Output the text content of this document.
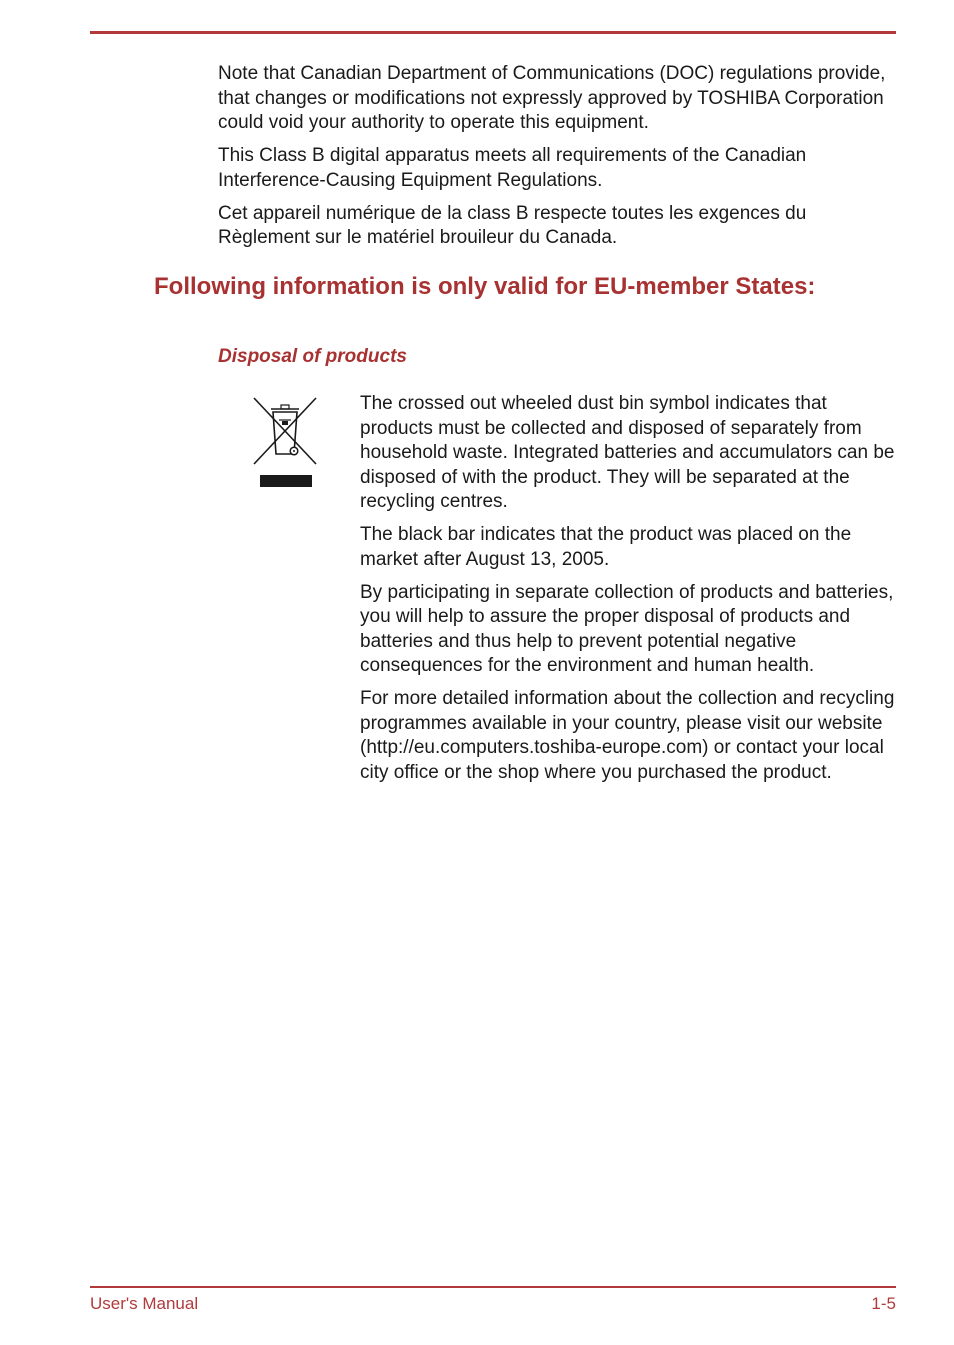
Note that Canadian Department of Communications (DOC) regulations provide, that changes or modifications not expressly approved by TOSHIBA Corporation could void your authority to operate this equipment.

This Class B digital apparatus meets all requirements of the Canadian Interference-Causing Equipment Regulations.

Cet appareil numérique de la class B respecte toutes les exgences du Règlement sur le matériel brouileur du Canada.

Following information is only valid for EU-member States:
Disposal of products

The crossed out wheeled dust bin symbol indicates that products must be collected and disposed of separately from household waste. Integrated batteries and accumulators can be disposed of with the product. They will be separated at the recycling centres.

The black bar indicates that the product was placed on the market after August 13, 2005.

By participating in separate collection of products and batteries, you will help to assure the proper disposal of products and batteries and thus help to prevent potential negative consequences for the environment and human health.

For more detailed information about the collection and recycling programmes available in your country, please visit our website (http://eu.computers.toshiba-europe.com) or contact your local city office or the shop where you purchased the product.

User's Manual	1-5
